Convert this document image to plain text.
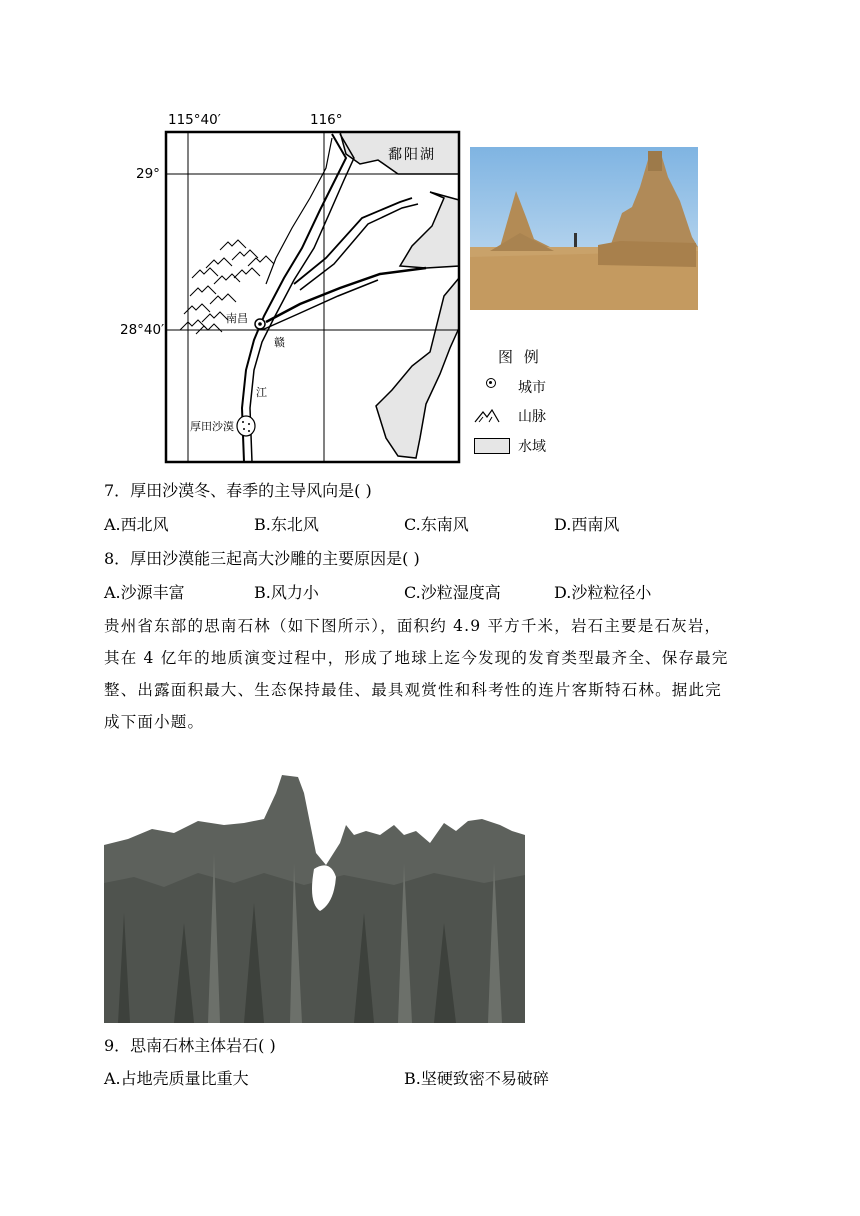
115°40′	116°
29°
28°40′
鄱阳湖
南昌
赣
江
厚田沙漠
图 例
城市
山脉
水域
7．厚田沙漠冬、春季的主导风向是( )
A.西北风	B.东北风	C.东南风	D.西南风
8．厚田沙漠能三起高大沙雕的主要原因是( )
A.沙源丰富	B.风力小	C.沙粒湿度高	D.沙粒粒径小
贵州省东部的思南石林（如下图所示），面积约 4.9 平方千米，岩石主要是石灰岩，
其在 4 亿年的地质演变过程中，形成了地球上迄今发现的发育类型最齐全、保存最完
整、出露面积最大、生态保持最佳、最具观赏性和科考性的连片客斯特石林。据此完
成下面小题。
9．思南石林主体岩石( )
A.占地壳质量比重大	B.坚硬致密不易破碎
